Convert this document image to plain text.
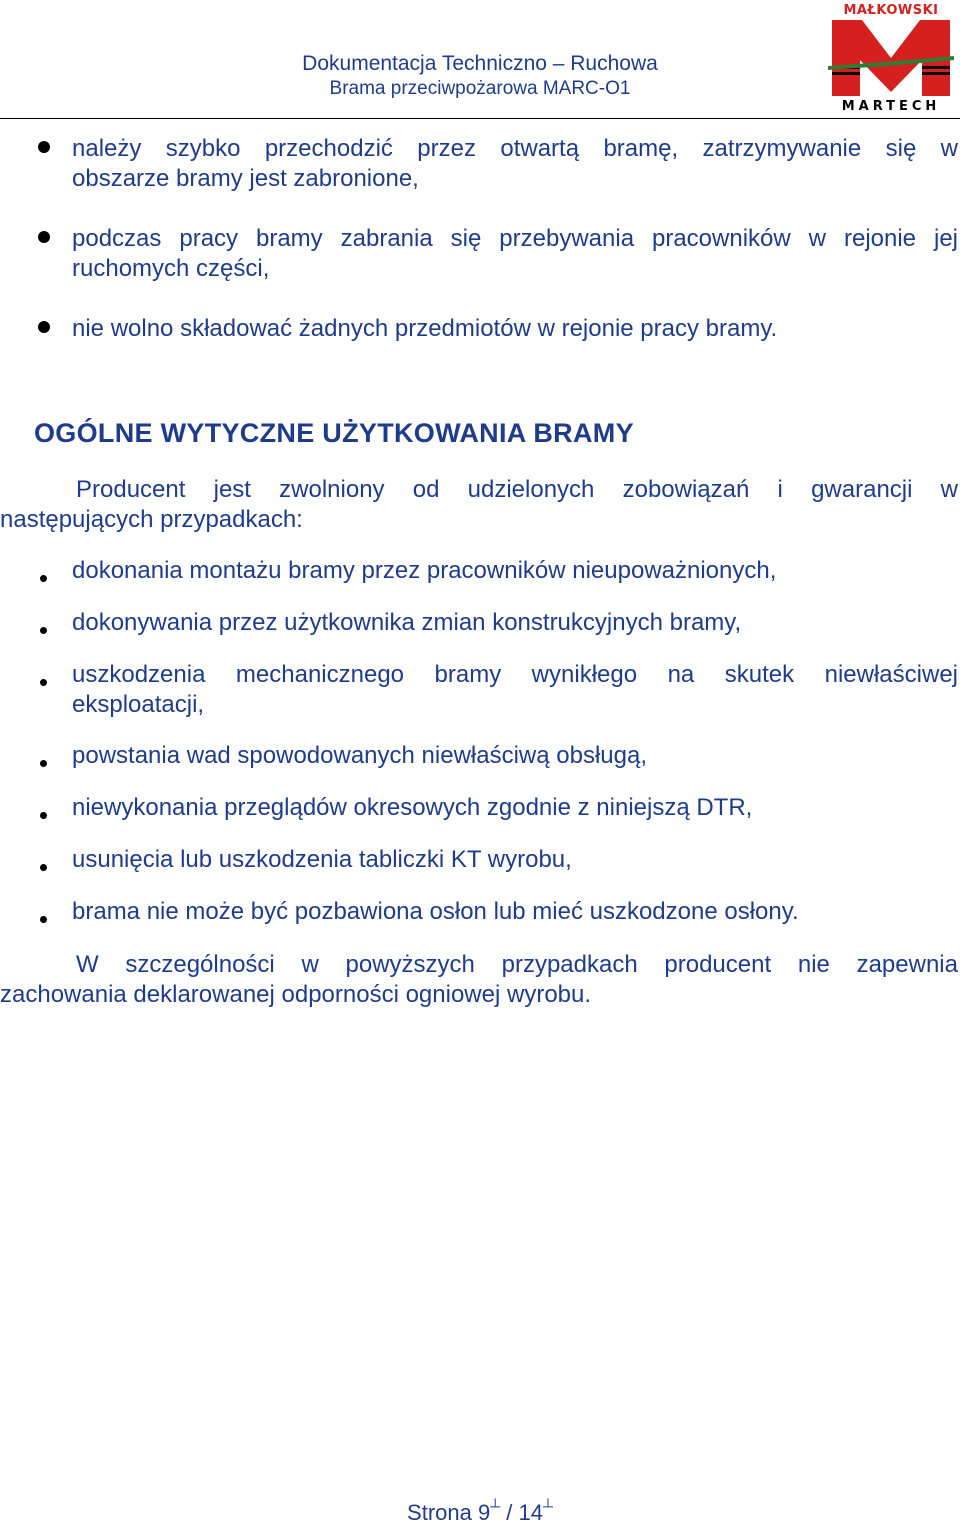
Dokumentacja Techniczno – Ruchowa
Brama przeciwpożarowa MARC-O1
MAŁKOWSKI
MARTECH
należy szybko przechodzić przez otwartą bramę, zatrzymywanie się w
obszarze bramy jest zabronione,
podczas pracy bramy zabrania się przebywania pracowników w rejonie jej
ruchomych części,
nie wolno składować żadnych przedmiotów w rejonie pracy bramy.
OGÓLNE WYTYCZNE UŻYTKOWANIA BRAMY
Producent jest zwolniony od udzielonych zobowiązań i gwarancji w
następujących przypadkach:
dokonania montażu bramy przez pracowników nieupoważnionych,
dokonywania przez użytkownika zmian konstrukcyjnych bramy,
uszkodzenia mechanicznego bramy wynikłego na skutek niewłaściwej
eksploatacji,
powstania wad spowodowanych niewłaściwą obsługą,
niewykonania przeglądów okresowych zgodnie z niniejszą DTR,
usunięcia lub uszkodzenia tabliczki KT wyrobu,
brama nie może być pozbawiona osłon lub mieć uszkodzone osłony.
W szczególności w powyższych przypadkach producent nie zapewnia
zachowania deklarowanej odporności ogniowej wyrobu.
Strona 9┴ / 14┴
